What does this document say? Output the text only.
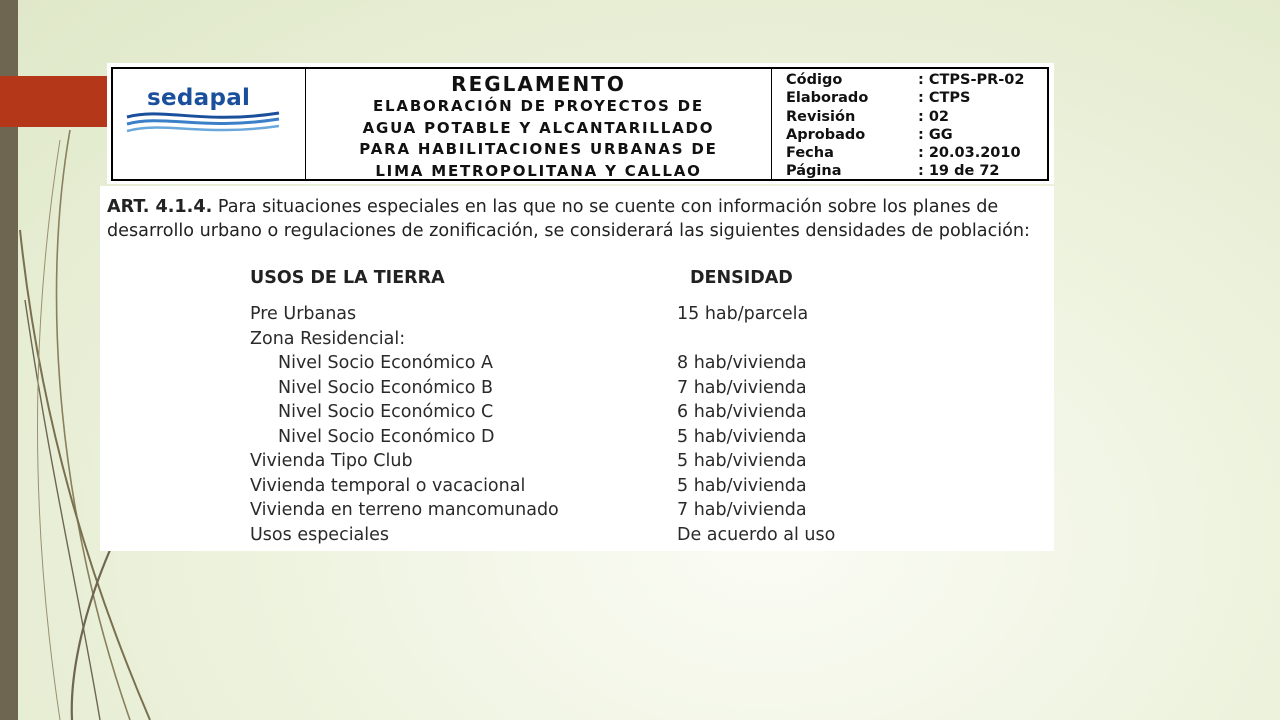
sedapal
REGLAMENTO
ELABORACIÓN DE PROYECTOS DE
AGUA POTABLE Y ALCANTARILLADO
PARA HABILITACIONES URBANAS DE
LIMA METROPOLITANA Y CALLAO
Código	: CTPS-PR-02
Elaborado	: CTPS
Revisión	: 02
Aprobado	: GG
Fecha	: 20.03.2010
Página	: 19 de 72
ART. 4.1.4. Para situaciones especiales en las que no se cuente con información sobre los planes de desarrollo urbano o regulaciones de zonificación, se considerará las siguientes densidades de población:
USOS DE LA TIERRA	DENSIDAD
Pre Urbanas	15 hab/parcela
Zona Residencial:
Nivel Socio Económico A	8 hab/vivienda
Nivel Socio Económico B	7 hab/vivienda
Nivel Socio Económico C	6 hab/vivienda
Nivel Socio Económico D	5 hab/vivienda
Vivienda Tipo Club	5 hab/vivienda
Vivienda temporal o vacacional	5 hab/vivienda
Vivienda en terreno mancomunado	7 hab/vivienda
Usos especiales	De acuerdo al uso
